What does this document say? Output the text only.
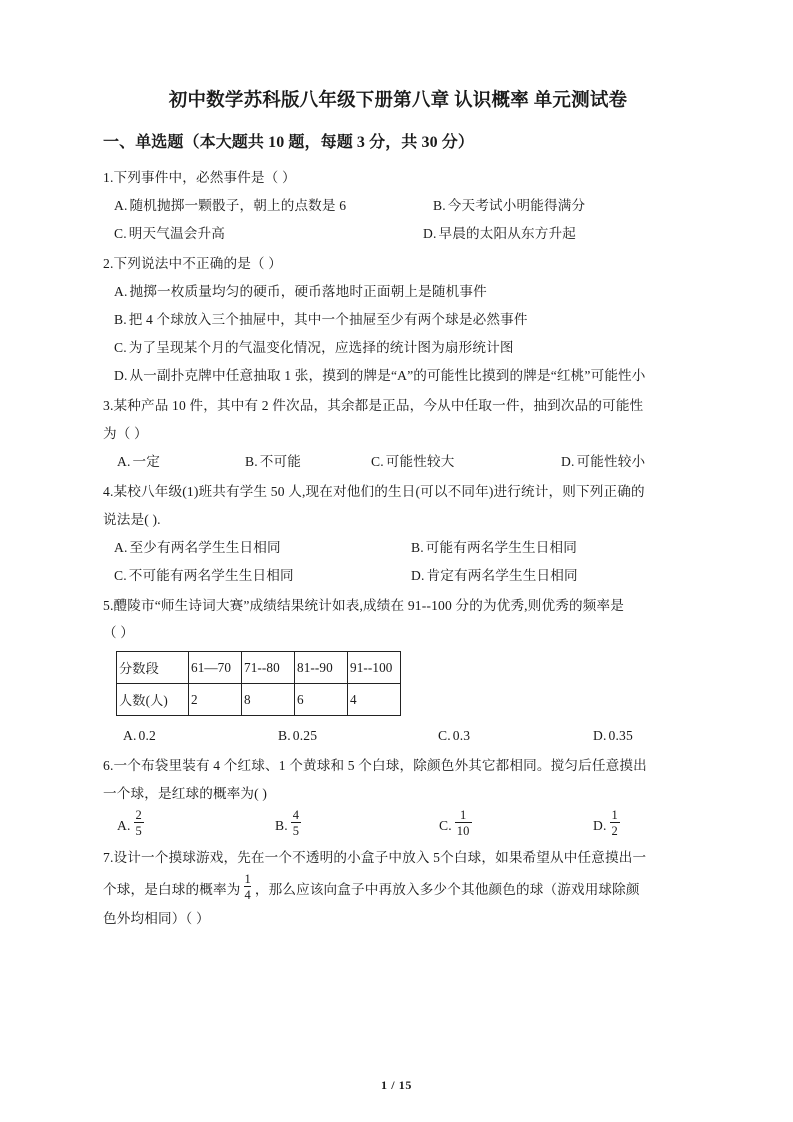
初中数学苏科版八年级下册第八章 认识概率 单元测试卷
一、单选题（本大题共 10 题，每题 3 分，共 30 分）
1.下列事件中，必然事件是（ ）
A. 随机抛掷一颗骰子，朝上的点数是 6	B. 今天考试小明能得满分
C. 明天气温会升高	D. 早晨的太阳从东方升起
2.下列说法中不正确的是（ ）
A. 抛掷一枚质量均匀的硬币，硬币落地时正面朝上是随机事件
B. 把 4 个球放入三个抽屉中，其中一个抽屉至少有两个球是必然事件
C. 为了呈现某个月的气温变化情况，应选择的统计图为扇形统计图
D. 从一副扑克牌中任意抽取 1 张，摸到的牌是“A”的可能性比摸到的牌是“红桃”可能性小
3.某种产品 10 件，其中有 2 件次品，其余都是正品，今从中任取一件，抽到次品的可能性
为（ ）
A. 一定	B. 不可能	C. 可能性较大	D. 可能性较小
4.某校八年级(1)班共有学生 50 人,现在对他们的生日(可以不同年)进行统计，则下列正确的
说法是( ).
A. 至少有两名学生生日相同	B. 可能有两名学生生日相同
C. 不可能有两名学生生日相同	D. 肯定有两名学生生日相同
5.醴陵市“师生诗词大赛”成绩结果统计如表,成绩在 91--100 分的为优秀,则优秀的频率是
（ ）
分数段	61—70	71--80	81--90	91--100
人数(人)	2	8	6	4
A. 0.2	B. 0.25	C. 0.3	D. 0.35
6.一个布袋里装有 4 个红球、1 个黄球和 5 个白球，除颜色外其它都相同。搅匀后任意摸出
一个球，是红球的概率为( )
A. $\frac{2}{5}$	B. $\frac{4}{5}$	C. $\frac{1}{10}$	D. $\frac{1}{2}$
7.设计一个摸球游戏，先在一个不透明的小盒子中放入 5个白球，如果希望从中任意摸出一
个球，是白球的概率为 $\frac{1}{4}$ ，那么应该向盒子中再放入多少个其他颜色的球（游戏用球除颜
色外均相同）（ ）
1 / 15
